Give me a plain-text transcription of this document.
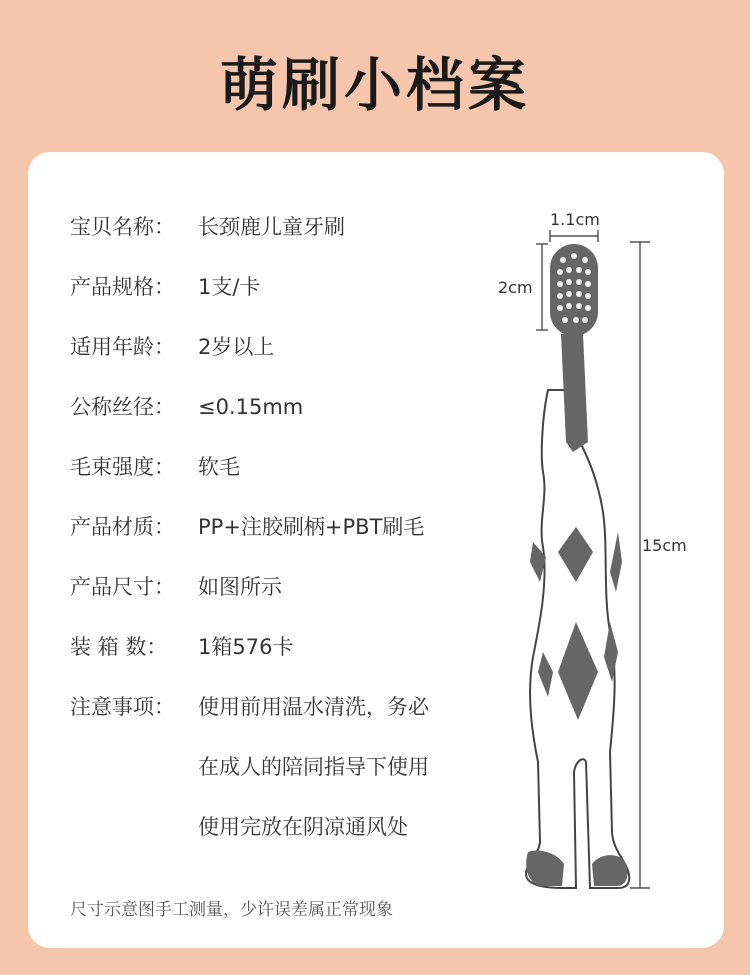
萌刷小档案
宝贝名称： 长颈鹿儿童牙刷
产品规格： 1支/卡
适用年龄： 2岁以上
公称丝径： ≤0.15mm
毛束强度： 软毛
产品材质： PP+注胶刷柄+PBT刷毛
产品尺寸： 如图所示
装 箱 数： 1箱576卡
注意事项： 使用前用温水清洗，务必
在成人的陪同指导下使用
使用完放在阴凉通风处
尺寸示意图手工测量，少许误差属正常现象
1.1cm
2cm
15cm
